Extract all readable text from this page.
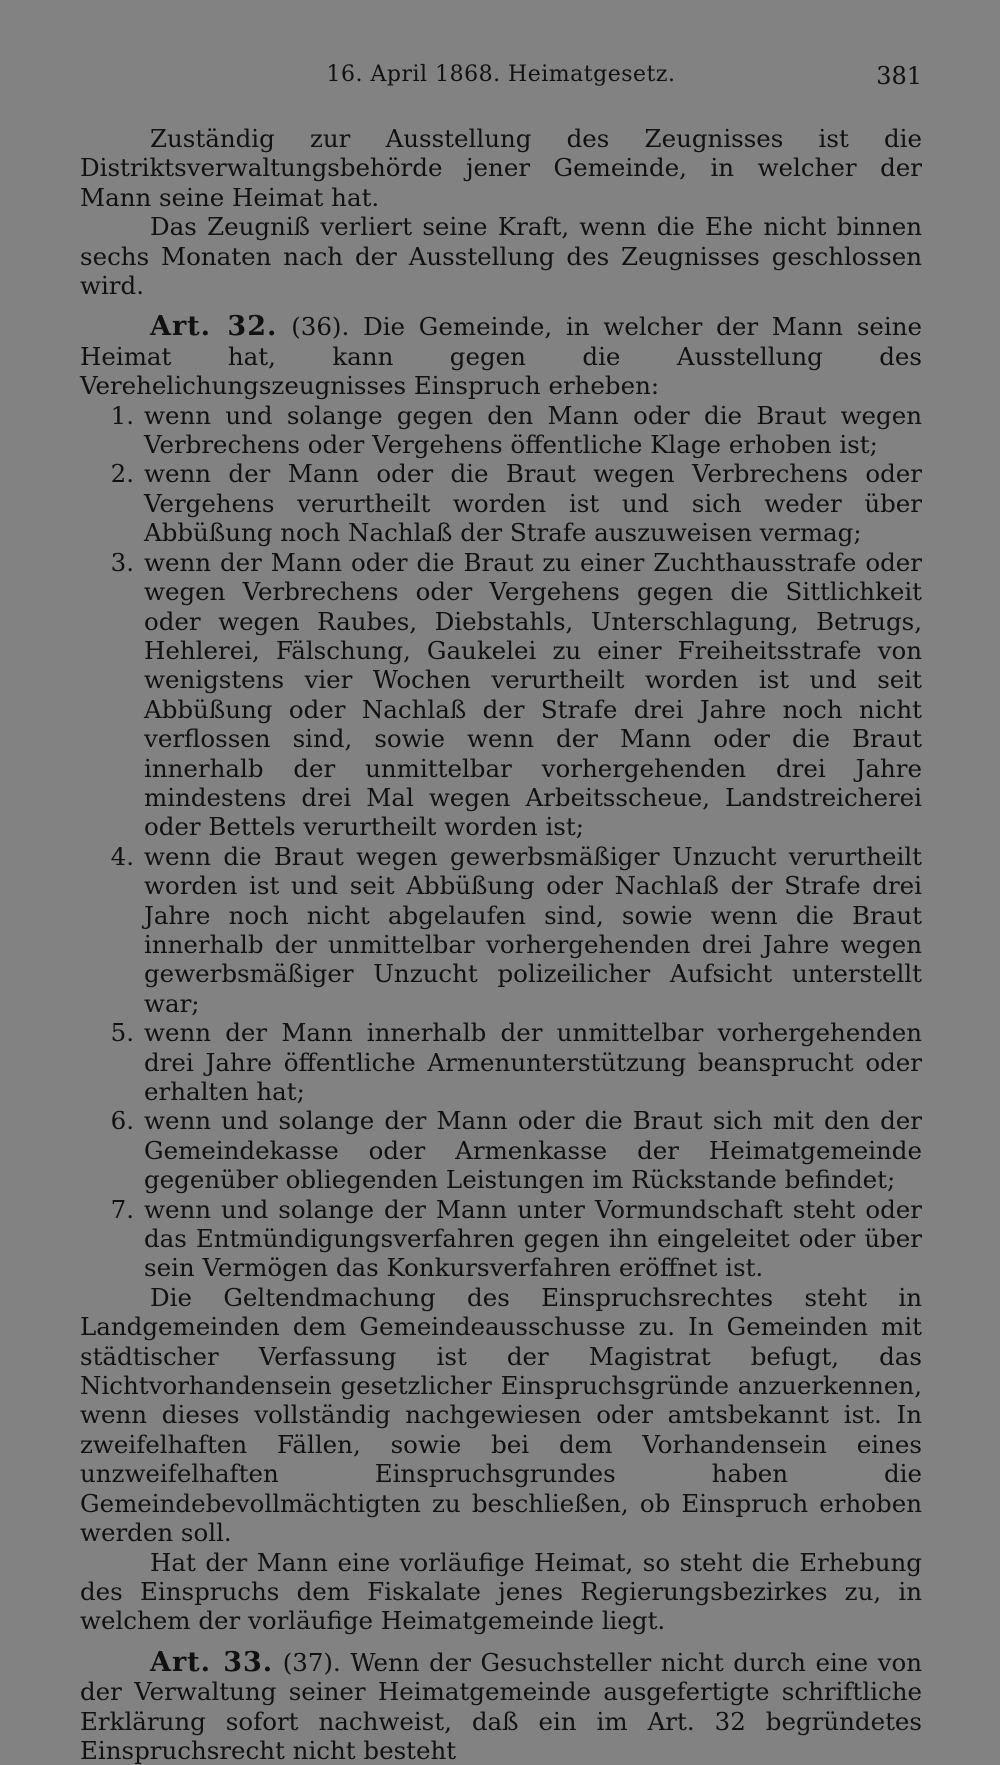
16. April 1868. Heimatgesetz.	381

Zuständig zur Ausstellung des Zeugnisses ist die Distriktsverwaltungsbehörde jener Gemeinde, in welcher der Mann seine Heimat hat.

Das Zeugniß verliert seine Kraft, wenn die Ehe nicht binnen sechs Monaten nach der Ausstellung des Zeugnisses geschlossen wird.

Art. 32. (36). Die Gemeinde, in welcher der Mann seine Heimat hat, kann gegen die Ausstellung des Verehelichungszeugnisses Einspruch erheben:

1. wenn und solange gegen den Mann oder die Braut wegen Verbrechens oder Vergehens öffentliche Klage erhoben ist;
2. wenn der Mann oder die Braut wegen Verbrechens oder Vergehens verurtheilt worden ist und sich weder über Abbüßung noch Nachlaß der Strafe auszuweisen vermag;
3. wenn der Mann oder die Braut zu einer Zuchthausstrafe oder wegen Verbrechens oder Vergehens gegen die Sittlichkeit oder wegen Raubes, Diebstahls, Unterschlagung, Betrugs, Hehlerei, Fälschung, Gaukelei zu einer Freiheitsstrafe von wenigstens vier Wochen verurtheilt worden ist und seit Abbüßung oder Nachlaß der Strafe drei Jahre noch nicht verflossen sind, sowie wenn der Mann oder die Braut innerhalb der unmittelbar vorhergehenden drei Jahre mindestens drei Mal wegen Arbeitsscheue, Landstreicherei oder Bettels verurtheilt worden ist;
4. wenn die Braut wegen gewerbsmäßiger Unzucht verurtheilt worden ist und seit Abbüßung oder Nachlaß der Strafe drei Jahre noch nicht abgelaufen sind, sowie wenn die Braut innerhalb der unmittelbar vorhergehenden drei Jahre wegen gewerbsmäßiger Unzucht polizeilicher Aufsicht unterstellt war;
5. wenn der Mann innerhalb der unmittelbar vorhergehenden drei Jahre öffentliche Armenunterstützung beansprucht oder erhalten hat;
6. wenn und solange der Mann oder die Braut sich mit den der Gemeindekasse oder Armenkasse der Heimatgemeinde gegenüber obliegenden Leistungen im Rückstande befindet;
7. wenn und solange der Mann unter Vormundschaft steht oder das Entmündigungsverfahren gegen ihn eingeleitet oder über sein Vermögen das Konkursverfahren eröffnet ist.

Die Geltendmachung des Einspruchsrechtes steht in Landgemeinden dem Gemeindeausschusse zu. In Gemeinden mit städtischer Verfassung ist der Magistrat befugt, das Nichtvorhandensein gesetzlicher Einspruchsgründe anzuerkennen, wenn dieses vollständig nachgewiesen oder amtsbekannt ist. In zweifelhaften Fällen, sowie bei dem Vorhandensein eines unzweifelhaften Einspruchsgrundes haben die Gemeindebevollmächtigten zu beschließen, ob Einspruch erhoben werden soll.

Hat der Mann eine vorläufige Heimat, so steht die Erhebung des Einspruchs dem Fiskalate jenes Regierungsbezirkes zu, in welchem der vorläufige Heimatgemeinde liegt.

Art. 33. (37). Wenn der Gesuchsteller nicht durch eine von der Verwaltung seiner Heimatgemeinde ausgefertigte schriftliche Erklärung sofort nachweist, daß ein im Art. 32 begründetes Einspruchsrecht nicht besteht
